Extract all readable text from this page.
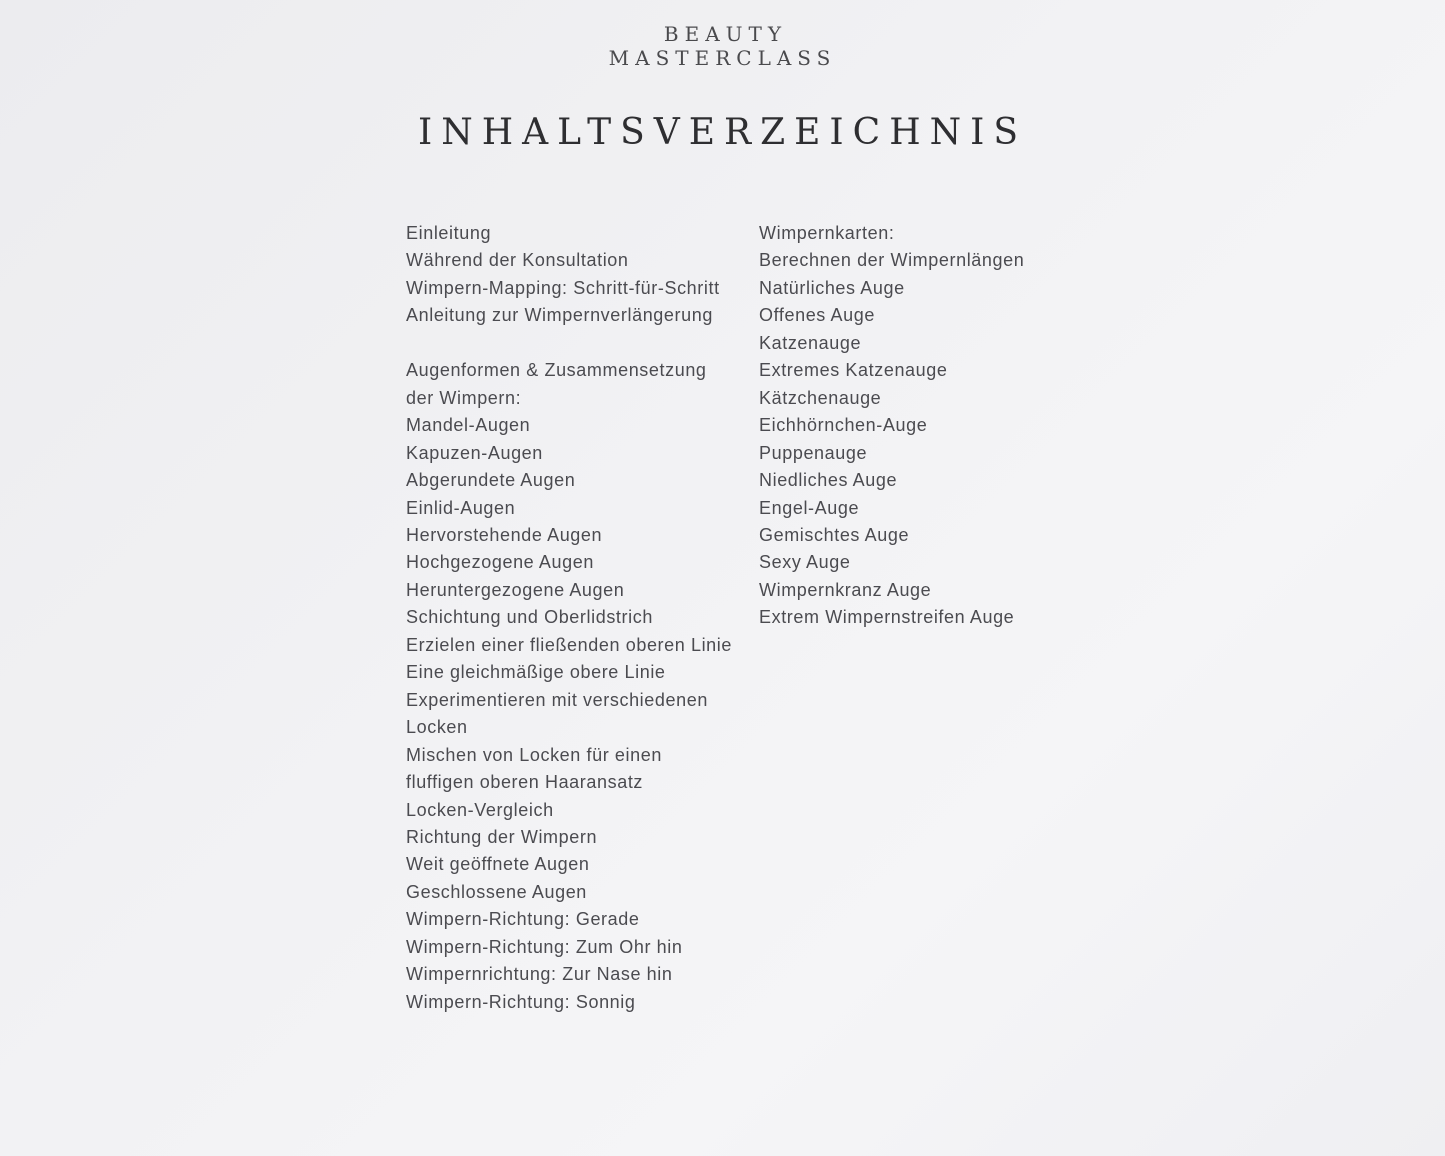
BEAUTY
MASTERCLASS
INHALTSVERZEICHNIS
Einleitung
Während der Konsultation
Wimpern-Mapping: Schritt-für-Schritt
Anleitung zur Wimpernverlängerung
Augenformen & Zusammensetzung
der Wimpern:
Mandel-Augen
Kapuzen-Augen
Abgerundete Augen
Einlid-Augen
Hervorstehende Augen
Hochgezogene Augen
Heruntergezogene Augen
Schichtung und Oberlidstrich
Erzielen einer fließenden oberen Linie
Eine gleichmäßige obere Linie
Experimentieren mit verschiedenen
Locken
Mischen von Locken für einen
fluffigen oberen Haaransatz
Locken-Vergleich
Richtung der Wimpern
Weit geöffnete Augen
Geschlossene Augen
Wimpern-Richtung: Gerade
Wimpern-Richtung: Zum Ohr hin
Wimpernrichtung: Zur Nase hin
Wimpern-Richtung: Sonnig
Wimpernkarten:
Berechnen der Wimpernlängen
Natürliches Auge
Offenes Auge
Katzenauge
Extremes Katzenauge
Kätzchenauge
Eichhörnchen-Auge
Puppenauge
Niedliches Auge
Engel-Auge
Gemischtes Auge
Sexy Auge
Wimpernkranz Auge
Extrem Wimpernstreifen Auge
